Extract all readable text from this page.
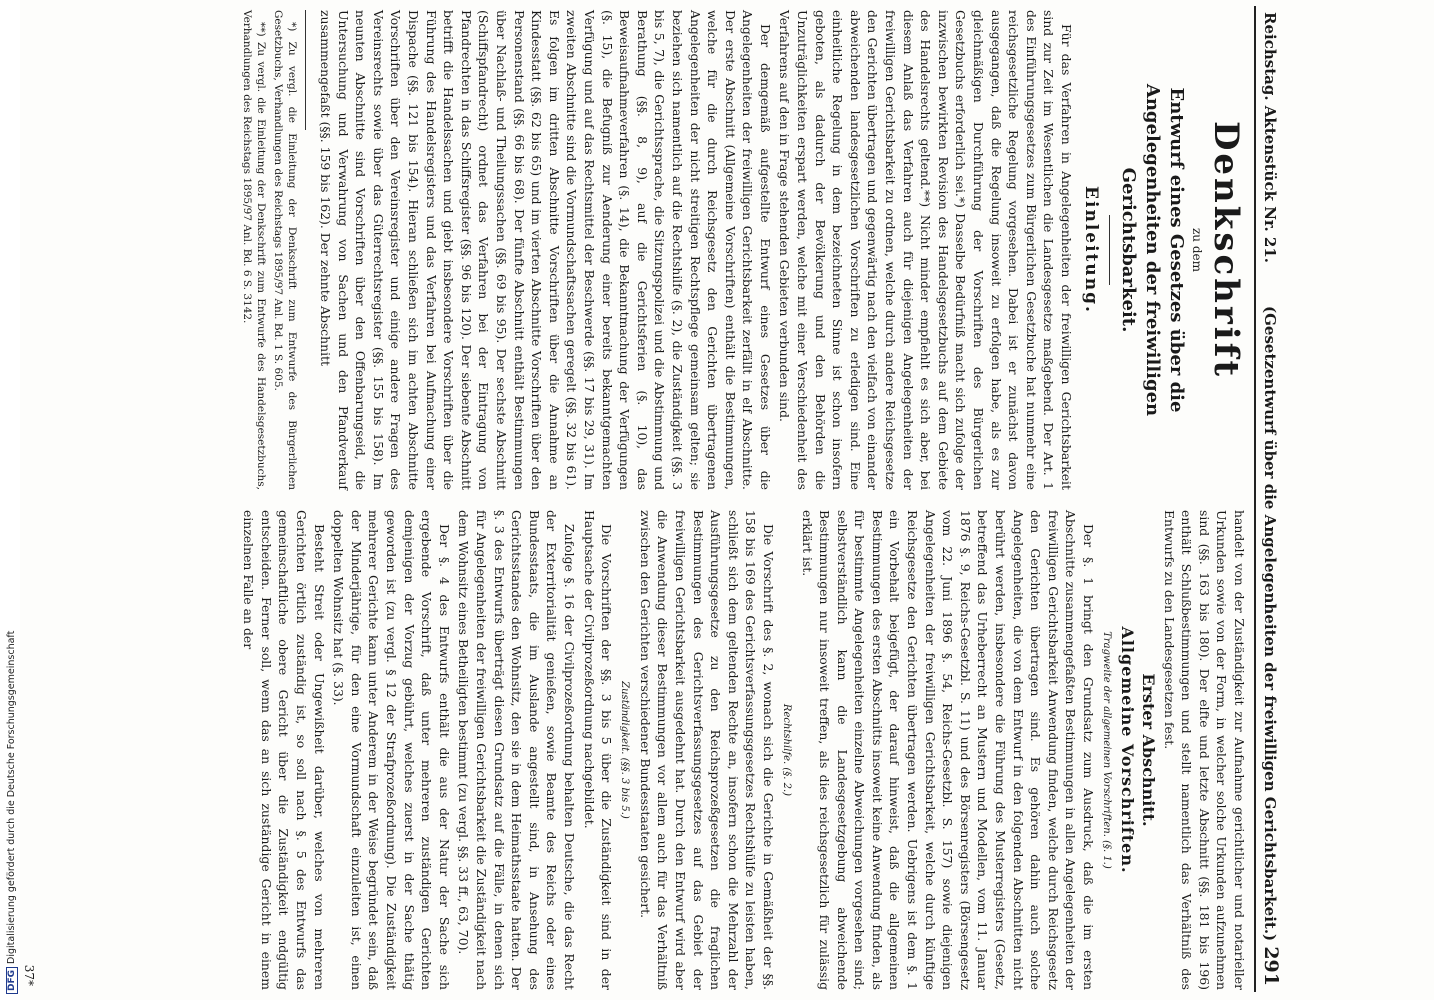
DFGDigitalisierung gefördert durch die Deutsche Forschungsgemeinschaft
Reichstag. Aktenstück Nr. 21.
(Gesetzentwurf über die Angelegenheiten der freiwilligen Gerichtsbarkeit.)
291
Denkschrift
zu dem
Entwurf eines Gesetzes über die Angelegenheiten der freiwilligen Gerichtsbarkeit.
Einleitung.

Für das Verfahren in Angelegenheiten der freiwilligen Gerichtsbarkeit sind zur Zeit im Wesentlichen die Landesgesetze maßgebend. Der Art. 1 des Einführungsgesetzes zum Bürgerlichen Gesetzbuche hat nunmehr eine reichsgesetzliche Regelung vorgesehen. Dabei ist er zunächst davon ausgegangen, daß die Regelung insoweit zu erfolgen habe, als es zur gleichmäßigen Durchführung der Vorschriften des Bürgerlichen Gesetzbuchs erforderlich sei.*) Dasselbe Bedürfniß macht sich zufolge der inzwischen bewirkten Revision des Handelsgesetzbuchs auf dem Gebiete des Handelsrechts geltend.**) Nicht minder empfiehlt es sich aber, bei diesem Anlaß das Verfahren auch für diejenigen Angelegenheiten der freiwilligen Gerichtsbarkeit zu ordnen, welche durch andere Reichsgesetze den Gerichten übertragen und gegenwärtig nach den vielfach von einander abweichenden landesgesetzlichen Vorschriften zu erledigen sind. Eine einheitliche Regelung in dem bezeichneten Sinne ist schon insofern geboten, als dadurch der Bevölkerung und den Behörden die Unzuträglichkeiten erspart werden, welche mit einer Verschiedenheit des Verfahrens auf den in Frage stehenden Gebieten verbunden sind.

Der demgemäß aufgestellte Entwurf eines Gesetzes über die Angelegenheiten der freiwilligen Gerichtsbarkeit zerfällt in elf Abschnitte. Der erste Abschnitt (Allgemeine Vorschriften) enthält die Bestimmungen, welche für die durch Reichsgesetz den Gerichten übertragenen Angelegenheiten der nicht streitigen Rechtspflege gemeinsam gelten; sie beziehen sich namentlich auf die Rechtshilfe (§. 2), die Zuständigkeit (§§. 3 bis 5, 7), die Gerichtssprache, die Sitzungspolizei und die Abstimmung und Berathung (§§. 8, 9), auf die Gerichtsferien (§. 10), das Beweisaufnahmeverfahren (§. 14), die Bekanntmachung der Verfügungen (§. 15), die Befugniß zur Aenderung einer bereits bekanntgemachten Verfügung und auf das Rechtsmittel der Beschwerde (§§. 17 bis 29, 31). Im zweiten Abschnitte sind die Vormundschaftssachen geregelt (§§. 32 bis 61). Es folgen im dritten Abschnitte Vorschriften über die Annahme an Kindesstatt (§§. 62 bis 65) und im vierten Abschnitte Vorschriften über den Personenstand (§§. 66 bis 68). Der fünfte Abschnitt enthält Bestimmungen über Nachlaß- und Theilungssachen (§§. 69 bis 95). Der sechste Abschnitt (Schiffspfandrecht) ordnet das Verfahren bei der Eintragung von Pfandrechten in das Schiffsregister (§§. 96 bis 120). Der siebente Abschnitt betrifft die Handelssachen und giebt insbesondere Vorschriften über die Führung des Handelsregisters und das Verfahren bei Aufmachung einer Dispache (§§. 121 bis 154). Hieran schließen sich im achten Abschnitte Vorschriften über den Vereinsregister und einige andere Fragen des Vereinsrechts sowie über das Güterrechtsregister (§§. 155 bis 158). Im neunten Abschnitte sind Vorschriften über den Offenbarungseid, die Untersuchung und Verwahrung von Sachen und den Pfandverkauf zusammengefaßt (§§. 159 bis 162). Der zehnte Abschnitt

*) Zu vergl. die Einleitung der Denkschrift zum Entwurfe des Bürgerlichen Gesetzbuchs, Verhandlungen des Reichstags 1895/97 Anl. Bd. 1 S. 605.

**) Zu vergl. die Einleitung der Denkschrift zum Entwurfe des Handelsgesetzbuchs, Verhandlungen des Reichstags 1895/97 Anl. Bd. 6 S. 3142.

handelt von der Zuständigkeit zur Aufnahme gerichtlicher und notarieller Urkunden sowie von der Form, in welcher solche Urkunden aufzunehmen sind (§§. 163 bis 180). Der elfte und letzte Abschnitt (§§. 181 bis 196) enthält Schlußbestimmungen und stellt namentlich das Verhältniß des Entwurfs zu den Landesgesetzen fest.

Erster Abschnitt.
Allgemeine Vorschriften.
Tragweite der allgemeinen Vorschriften. (§. 1.)

Der §. 1 bringt den Grundsatz zum Ausdruck, daß die im ersten Abschnitte zusammengefaßten Bestimmungen in allen Angelegenheiten der freiwilligen Gerichtsbarkeit Anwendung finden, welche durch Reichsgesetz den Gerichten übertragen sind. Es gehören dahin auch solche Angelegenheiten, die von dem Entwurf in den folgenden Abschnitten nicht berührt werden, insbesondere die Führung des Musterregisters (Gesetz, betreffend das Urheberrecht an Mustern und Modellen, vom 11. Januar 1876 §. 9, Reichs-Gesetzbl. S. 11) und des Börsenregisters (Börsengesetz vom 22. Juni 1896 §. 54, Reichs-Gesetzbl. S. 157) sowie diejenigen Angelegenheiten der freiwilligen Gerichtsbarkeit, welche durch künftige Reichsgesetze den Gerichten übertragen werden. Uebrigens ist dem §. 1 ein Vorbehalt beigefügt, der darauf hinweist, daß die allgemeinen Bestimmungen des ersten Abschnitts insoweit keine Anwendung finden, als für bestimmte Angelegenheiten einzelne Abweichungen vorgesehen sind; selbstverständlich kann die Landesgesetzgebung abweichende Bestimmungen nur insoweit treffen, als dies reichsgesetzlich für zulässig erklärt ist.

Rechtshilfe. (§. 2.)

Die Vorschrift des §. 2, wonach sich die Gerichte in Gemäßheit der §§. 158 bis 169 des Gerichtsverfassungsgesetzes Rechtshülfe zu leisten haben, schließt sich dem geltenden Rechte an, insofern schon die Mehrzahl der Ausführungsgesetze zu den Reichsprozeßgesetzen die fraglichen Bestimmungen des Gerichtsverfassungsgesetzes auf das Gebiet der freiwilligen Gerichtsbarkeit ausgedehnt hat. Durch den Entwurf wird aber die Anwendung dieser Bestimmungen vor allem auch für das Verhältniß zwischen den Gerichten verschiedener Bundesstaaten gesichert.

Zuständigkeit. (§§. 3 bis 5.)

Die Vorschriften der §§. 3 bis 5 über die Zuständigkeit sind in der Hauptsache der Civilprozeßordnung nachgebildet.

Zufolge §. 16 der Civilprozeßordnung behalten Deutsche, die das Recht der Exterritorialität genießen, sowie Beamte des Reichs oder eines Bundesstaats, die im Auslande angestellt sind, in Ansehung des Gerichtsstandes den Wohnsitz, den sie in dem Heimathsstaate hatten. Der §. 3 des Entwurfs überträgt diesen Grundsatz auf die Fälle, in denen sich für Angelegenheiten der freiwilligen Gerichtsbarkeit die Zuständigkeit nach dem Wohnsitz eines Betheiligten bestimmt (zu vergl. §§. 33 ff., 63, 70).

Der §. 4 des Entwurfs enthält die aus der Natur der Sache sich ergebende Vorschrift, daß unter mehreren zuständigen Gerichten demjenigen der Vorzug gebührt, welches zuerst in der Sache thätig geworden ist (zu vergl. § 12 der Strafprozeßordnung). Die Zuständigkeit mehrerer Gerichte kann unter Anderem in der Weise begründet sein, daß der Minderjährige, für den eine Vormundschaft einzuleiten ist, einen doppelten Wohnsitz hat (§. 33).

Besteht Streit oder Ungewißheit darüber, welches von mehreren Gerichten örtlich zuständig ist, so soll nach §. 5 des Entwurfs das gemeinschaftliche obere Gericht über die Zuständigkeit endgültig entscheiden. Ferner soll, wenn das an sich zuständige Gericht in einem einzelnen Falle an der

37*
